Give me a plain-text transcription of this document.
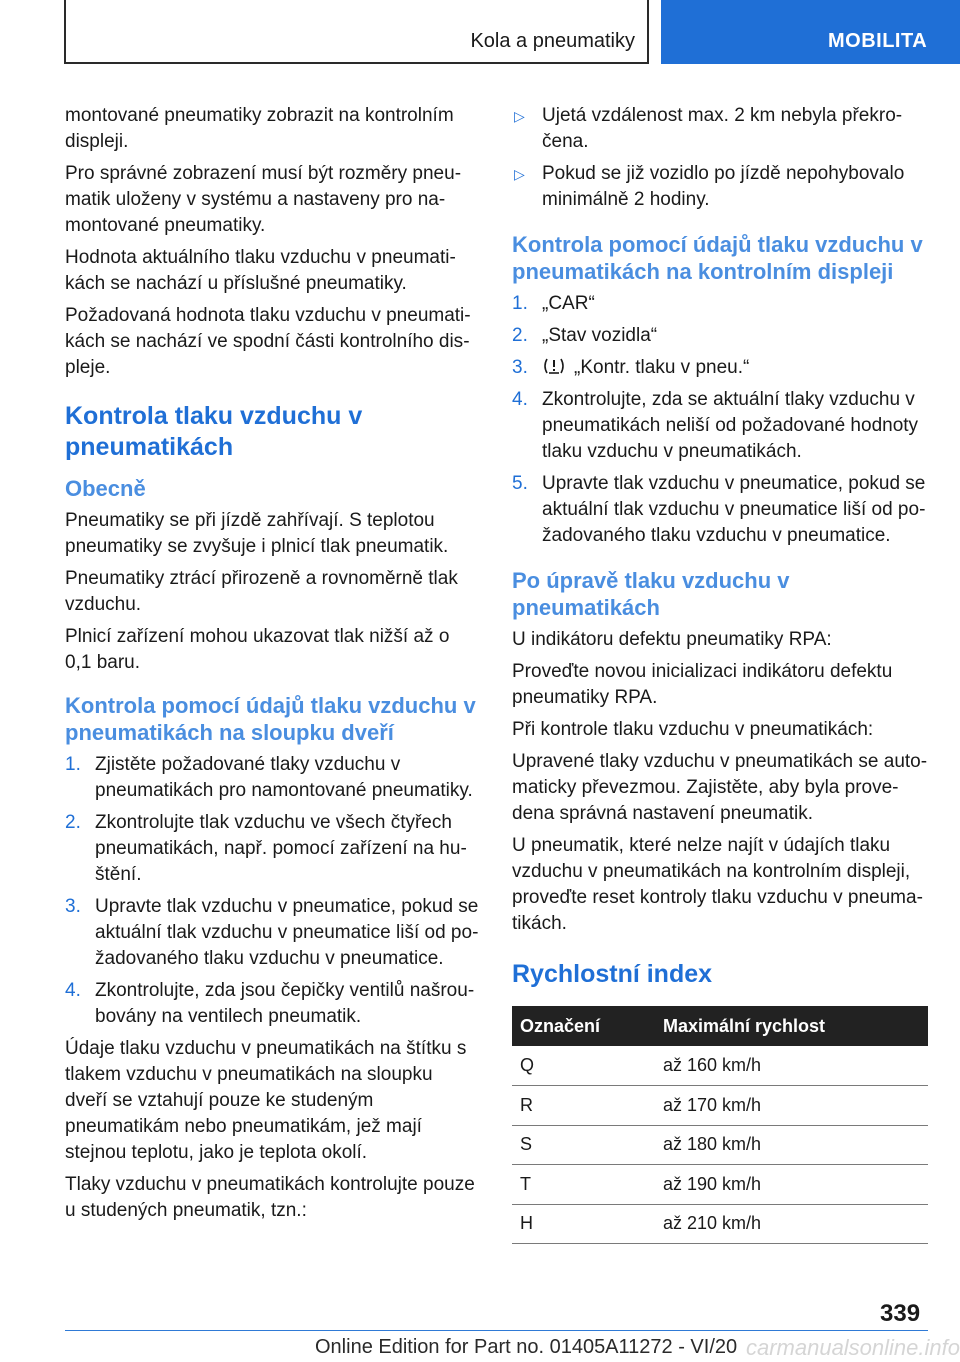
Kola a pneumatiky	MOBILITA

montované pneumatiky zobrazit na kontrolním displeji.

Pro správné zobrazení musí být rozměry pneumatik uloženy v systému a nastaveny pro namontované pneumatiky.

Hodnota aktuálního tlaku vzduchu v pneumatikách se nachází u příslušné pneumatiky.

Požadovaná hodnota tlaku vzduchu v pneumatikách se nachází ve spodní části kontrolního displeje.

Kontrola tlaku vzduchu v pneumatikách
Obecně

Pneumatiky se při jízdě zahřívají. S teplotou pneumatiky se zvyšuje i plnicí tlak pneumatik.

Pneumatiky ztrácí přirozeně a rovnoměrně tlak vzduchu.

Plnicí zařízení mohou ukazovat tlak nižší až o 0,1 baru.

Kontrola pomocí údajů tlaku vzduchu v pneumatikách na sloupku dveří
1. Zjistěte požadované tlaky vzduchu v pneumatikách pro namontované pneumatiky.
2. Zkontrolujte tlak vzduchu ve všech čtyřech pneumatikách, např. pomocí zařízení na huštění.
3. Upravte tlak vzduchu v pneumatice, pokud se aktuální tlak vzduchu v pneumatice liší od požadovaného tlaku vzduchu v pneumatice.
4. Zkontrolujte, zda jsou čepičky ventilů našroubovány na ventilech pneumatik.

Údaje tlaku vzduchu v pneumatikách na štítku s tlakem vzduchu v pneumatikách na sloupku dveří se vztahují pouze ke studeným pneumatikám nebo pneumatikám, jež mají stejnou teplotu, jako je teplota okolí.

Tlaky vzduchu v pneumatikách kontrolujte pouze u studených pneumatik, tzn.:

▷ Ujetá vzdálenost max. 2 km nebyla překročena.
▷ Pokud se již vozidlo po jízdě nepohybovalo minimálně 2 hodiny.
Kontrola pomocí údajů tlaku vzduchu v pneumatikách na kontrolním displeji
1. „CAR“
2. „Stav vozidla“
3. „Kontr. tlaku v pneu.“
4. Zkontrolujte, zda se aktuální tlaky vzduchu v pneumatikách neliší od požadované hodnoty tlaku vzduchu v pneumatikách.
5. Upravte tlak vzduchu v pneumatice, pokud se aktuální tlak vzduchu v pneumatice liší od požadovaného tlaku vzduchu v pneumatice.
Po úpravě tlaku vzduchu v pneumatikách

U indikátoru defektu pneumatiky RPA:

Proveďte novou inicializaci indikátoru defektu pneumatiky RPA.

Při kontrole tlaku vzduchu v pneumatikách:

Upravené tlaky vzduchu v pneumatikách se automaticky převezmou. Zajistěte, aby byla provedena správná nastavení pneumatik.

U pneumatik, které nelze najít v údajích tlaku vzduchu v pneumatikách na kontrolním displeji, proveďte reset kontroly tlaku vzduchu v pneumatikách.

Rychlostní index
Označení	Maximální rychlost
Q	až 160 km/h
R	až 170 km/h
S	až 180 km/h
T	až 190 km/h
H	až 210 km/h
339
Online Edition for Part no. 01405A11272 - VI/20 carmanualsonline.info
